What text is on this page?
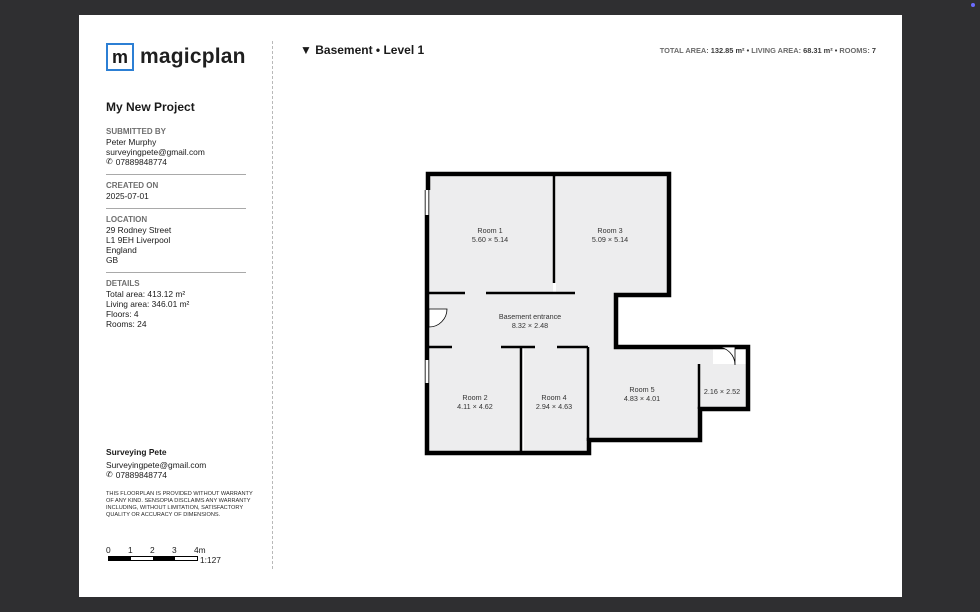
m magicplan
My New Project
SUBMITTED BY
Peter Murphy
surveyingpete@gmail.com
✆ 07889848774
CREATED ON
2025-07-01
LOCATION
29 Rodney Street
L1 9EH Liverpool
England
GB
DETAILS
Total area: 413.12 m²
Living area: 346.01 m²
Floors: 4
Rooms: 24
Surveying Pete
Surveyingpete@gmail.com
✆ 07889848774
THIS FLOORPLAN IS PROVIDED WITHOUT WARRANTY OF ANY KIND. SENSOPIA DISCLAIMS ANY WARRANTY INCLUDING, WITHOUT LIMITATION, SATISFACTORY QUALITY OR ACCURACY OF DIMENSIONS.
0 1 2 3 4m
1:127
▼ Basement • Level 1	TOTAL AREA: 132.85 m² • LIVING AREA: 68.31 m² • ROOMS: 7
Room 1
5.60 × 5.14
Room 3
5.09 × 5.14
Basement entrance
8.32 × 2.48
Room 2
4.11 × 4.62
Room 4
2.94 × 4.63
Room 5
4.83 × 4.01
2.16 × 2.52
